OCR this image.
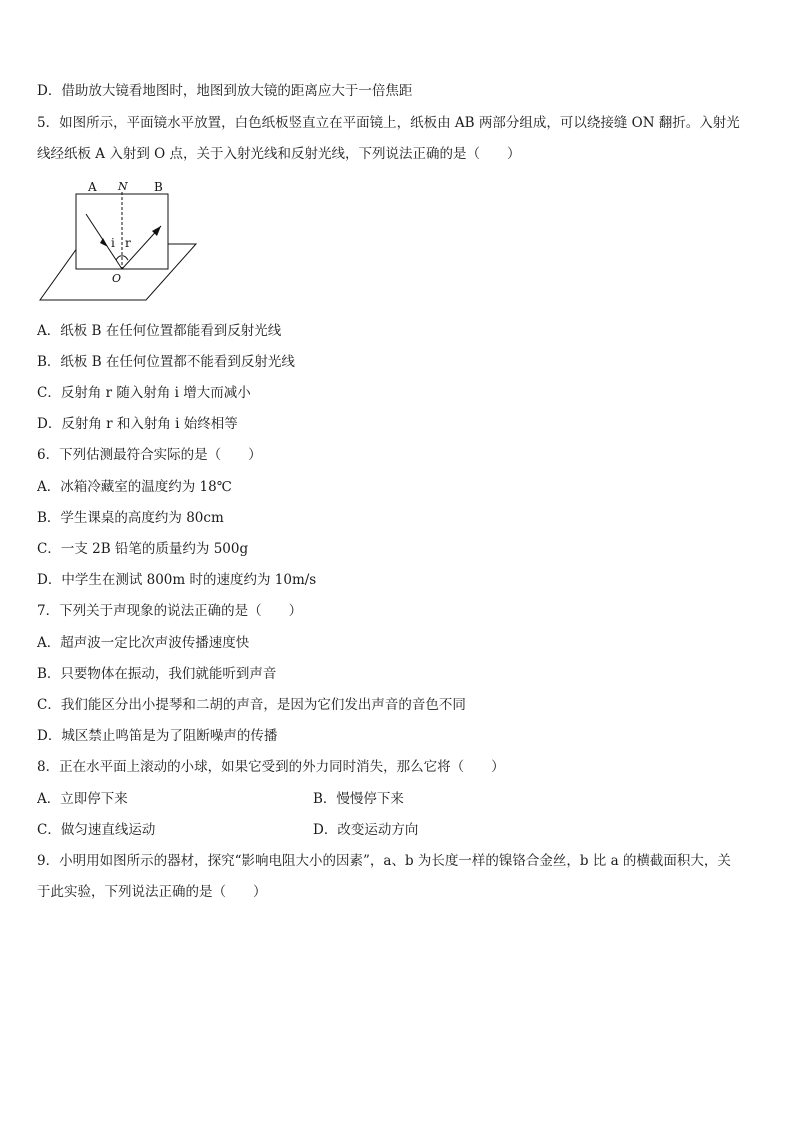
D．借助放大镜看地图时，地图到放大镜的距离应大于一倍焦距
5．如图所示，平面镜水平放置，白色纸板竖直立在平面镜上，纸板由 AB 两部分组成，可以绕接缝 ON 翻折。入射光
线经纸板 A 入射到 O 点，关于入射光线和反射光线，下列说法正确的是（　　）
A N B
i r
O
A．纸板 B 在任何位置都能看到反射光线
B．纸板 B 在任何位置都不能看到反射光线
C．反射角 r 随入射角 i 增大而减小
D．反射角 r 和入射角 i 始终相等
6．下列估测最符合实际的是（　　）
A．冰箱冷藏室的温度约为 18℃
B．学生课桌的高度约为 80cm
C．一支 2B 铅笔的质量约为 500g
D．中学生在测试 800m 时的速度约为 10m/s
7．下列关于声现象的说法正确的是（　　）
A．超声波一定比次声波传播速度快
B．只要物体在振动，我们就能听到声音
C．我们能区分出小提琴和二胡的声音，是因为它们发出声音的音色不同
D．城区禁止鸣笛是为了阻断噪声的传播
8．正在水平面上滚动的小球，如果它受到的外力同时消失，那么它将（　　）
A．立即停下来	B．慢慢停下来
C．做匀速直线运动	D．改变运动方向
9．小明用如图所示的器材，探究“影响电阻大小的因素”，a、b 为长度一样的镍铬合金丝，b 比 a 的横截面积大，关
于此实验，下列说法正确的是（　　）
